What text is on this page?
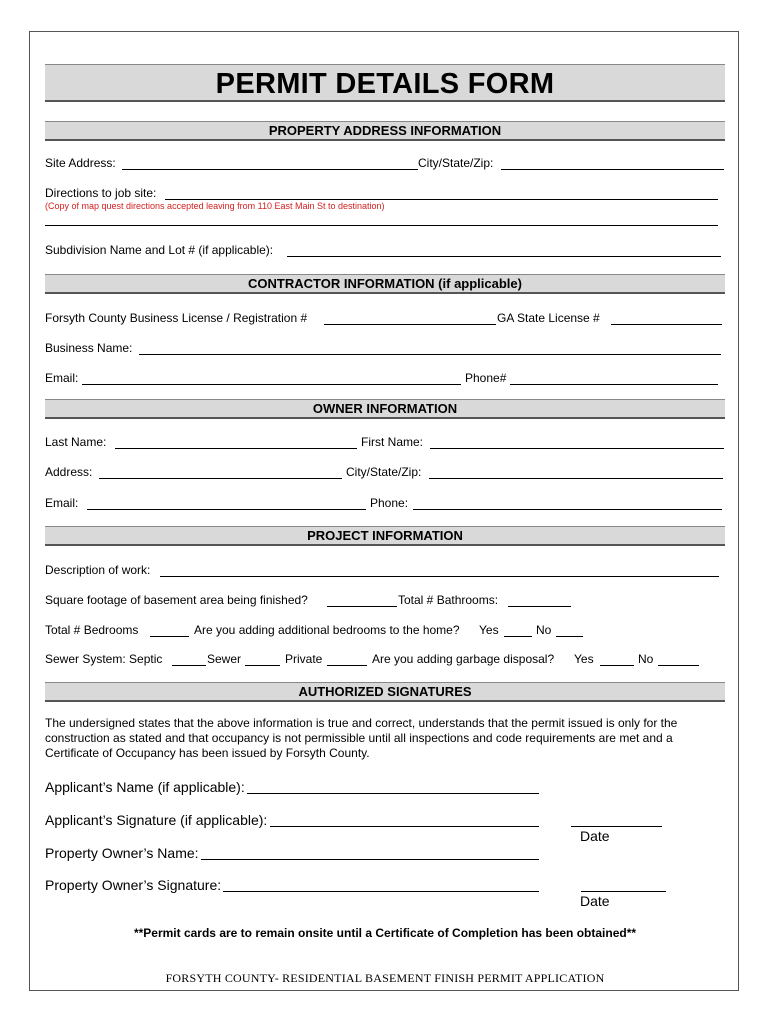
PERMIT DETAILS FORM
PROPERTY ADDRESS INFORMATION
Site Address:	City/State/Zip:
Directions to job site:
(Copy of map quest directions accepted leaving from 110 East Main St to destination)
Subdivision Name and Lot # (if applicable):
CONTRACTOR INFORMATION (if applicable)
Forsyth County Business License / Registration #	GA State License #
Business Name:
Email:	Phone#
OWNER INFORMATION
Last Name:	First Name:
Address:	City/State/Zip:
Email:	Phone:
PROJECT INFORMATION
Description of work:
Square footage of basement area being finished?	Total # Bathrooms:
Total # Bedrooms	Are you adding additional bedrooms to the home? Yes	No
Sewer System: Septic	Sewer	Private	Are you adding garbage disposal? Yes	No
AUTHORIZED SIGNATURES
The undersigned states that the above information is true and correct, understands that the permit issued is only for the construction as stated and that occupancy is not permissible until all inspections and code requirements are met and a Certificate of Occupancy has been issued by Forsyth County.
Applicant’s Name (if applicable):
Applicant’s Signature (if applicable):
Date
Property Owner’s Name:
Property Owner’s Signature:
Date
**Permit cards are to remain onsite until a Certificate of Completion has been obtained**
FORSYTH COUNTY- RESIDENTIAL BASEMENT FINISH PERMIT APPLICATION
